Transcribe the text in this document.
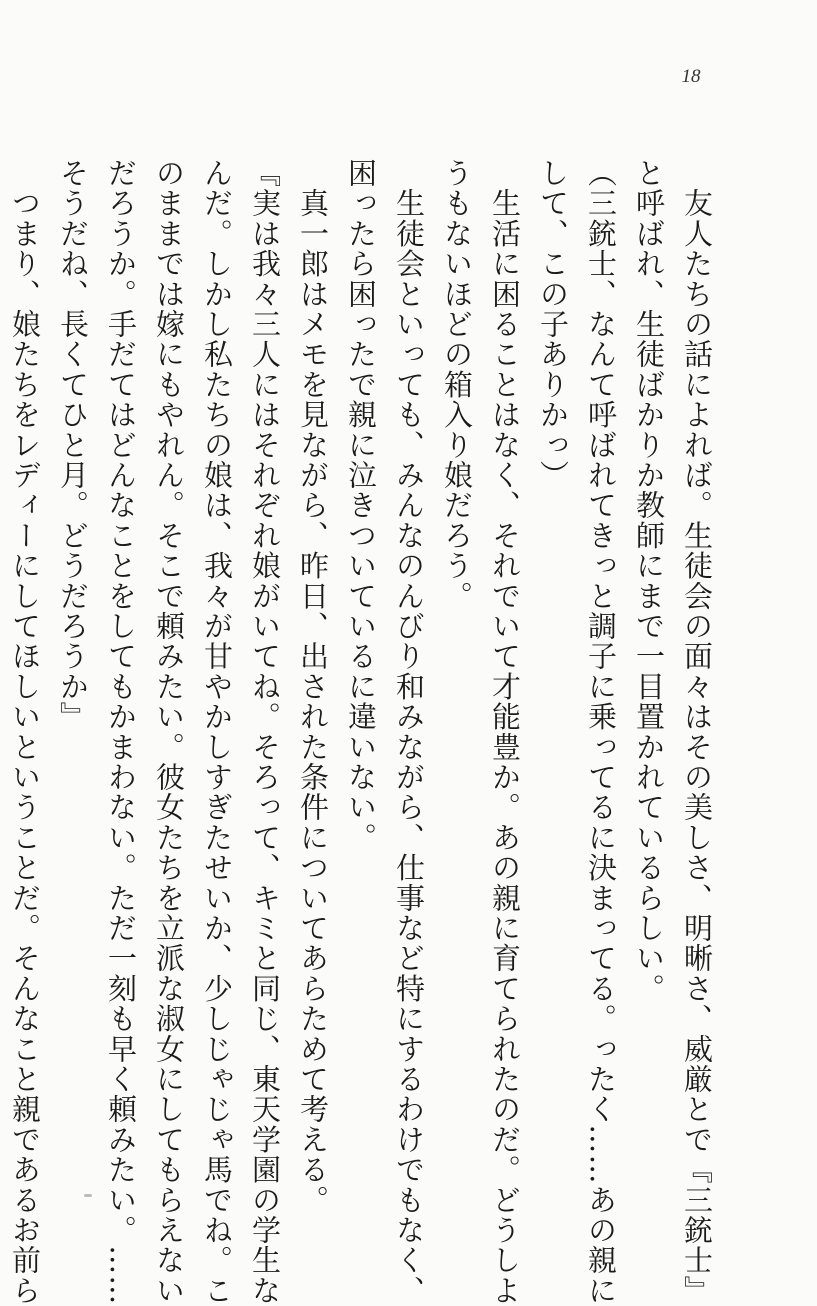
18
　友人たちの話によれば。生徒会の面々はその美しさ、明晰さ、威厳とで『三銃士』
と呼ばれ、生徒ばかりか教師にまで一目置かれているらしい。
（三銃士、なんて呼ばれてきっと調子に乗ってるに決まってる。ったく……あの親に
して、この子ありかっ）
　生活に困ることはなく、それでいて才能豊か。あの親に育てられたのだ。どうしよ
うもないほどの箱入り娘だろう。
　生徒会といっても、みんなのんびり和みながら、仕事など特にするわけでもなく、
困ったら困ったで親に泣きついているに違いない。
　真一郎はメモを見ながら、昨日、出された条件についてあらためて考える。
『実は我々三人にはそれぞれ娘がいてね。そろって、キミと同じ、東天学園の学生な
んだ。しかし私たちの娘は、我々が甘やかしすぎたせいか、少しじゃじゃ馬でね。こ
のままでは嫁にもやれん。そこで頼みたい。彼女たちを立派な淑女にしてもらえない
だろうか。手だてはどんなことをしてもかまわない。ただ一刻も早く頼みたい。……
そうだね、長くてひと月。どうだろうか』
　つまり、娘たちをレディーにしてほしいということだ。そんなこと親であるお前ら
